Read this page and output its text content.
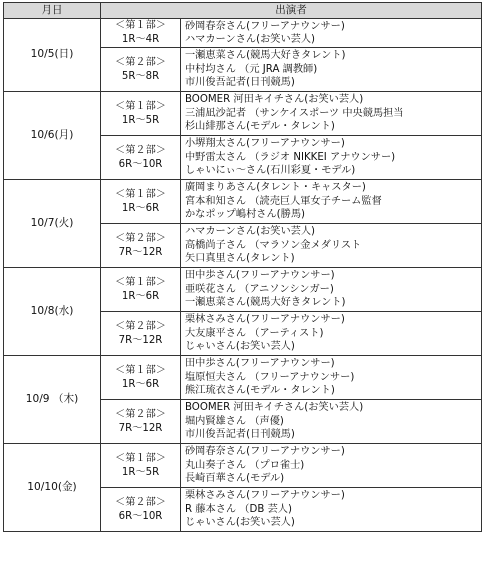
月日	出演者	
10/5(日)	＜第１部＞
1R～4R	砂岡春奈さん(フリーアナウンサー)
ハマカーンさん(お笑い芸人)

	＜第２部＞
5R～8R	一瀬恵菜さん(競馬大好きタレント)
中村均さん （元 JRA 調教師)
市川俊吾記者(日刊競馬)

10/6(月)	＜第１部＞
1R～5R	BOOMER 河田キイチさん(お笑い芸人)
三浦凪沙記者 （サンケイスポーツ 中央競馬担当
杉山緋那さん(モデル・タレント)

	＜第２部＞
6R～10R	小堺翔太さん(フリーアナウンサー)
中野雷太さん （ラジオ NIKKEI アナウンサー)
しゃいにぃ～さん(石川彩夏・モデル)

10/7(火)	＜第１部＞
1R～6R	廣岡まりあさん(タレント・キャスター)
宮本和知さん （読売巨人軍女子チーム監督
かなポップ嶋村さん(勝馬)

	＜第２部＞
7R～12R	ハマカーンさん(お笑い芸人)
高橋尚子さん （マラソン金メダリスト
矢口真里さん(タレント)

10/8(水)	＜第１部＞
1R～6R	田中歩さん(フリーアナウンサー)
亜咲花さん （アニソンシンガー)
一瀬恵菜さん(競馬大好きタレント)

	＜第２部＞
7R～12R	栗林さみさん(フリーアナウンサー)
大友康平さん （アーティスト)
じゃいさん(お笑い芸人)

10/9 （木)	＜第１部＞
1R～6R	田中歩さん(フリーアナウンサー)
塩原恒夫さん （フリーアナウンサー)
熊江琉衣さん(モデル・タレント)

	＜第２部＞
7R～12R	BOOMER 河田キイチさん(お笑い芸人)
堀内賢雄さん （声優)
市川俊吾記者(日刊競馬)

10/10(金)	＜第１部＞
1R～5R	砂岡春奈さん(フリーアナウンサー)
丸山奏子さん （プロ雀士)
長崎百華さん(モデル)

	＜第２部＞
6R～10R	栗林さみさん(フリーアナウンサー)
R 藤本さん （DB 芸人)
じゃいさん(お笑い芸人)
